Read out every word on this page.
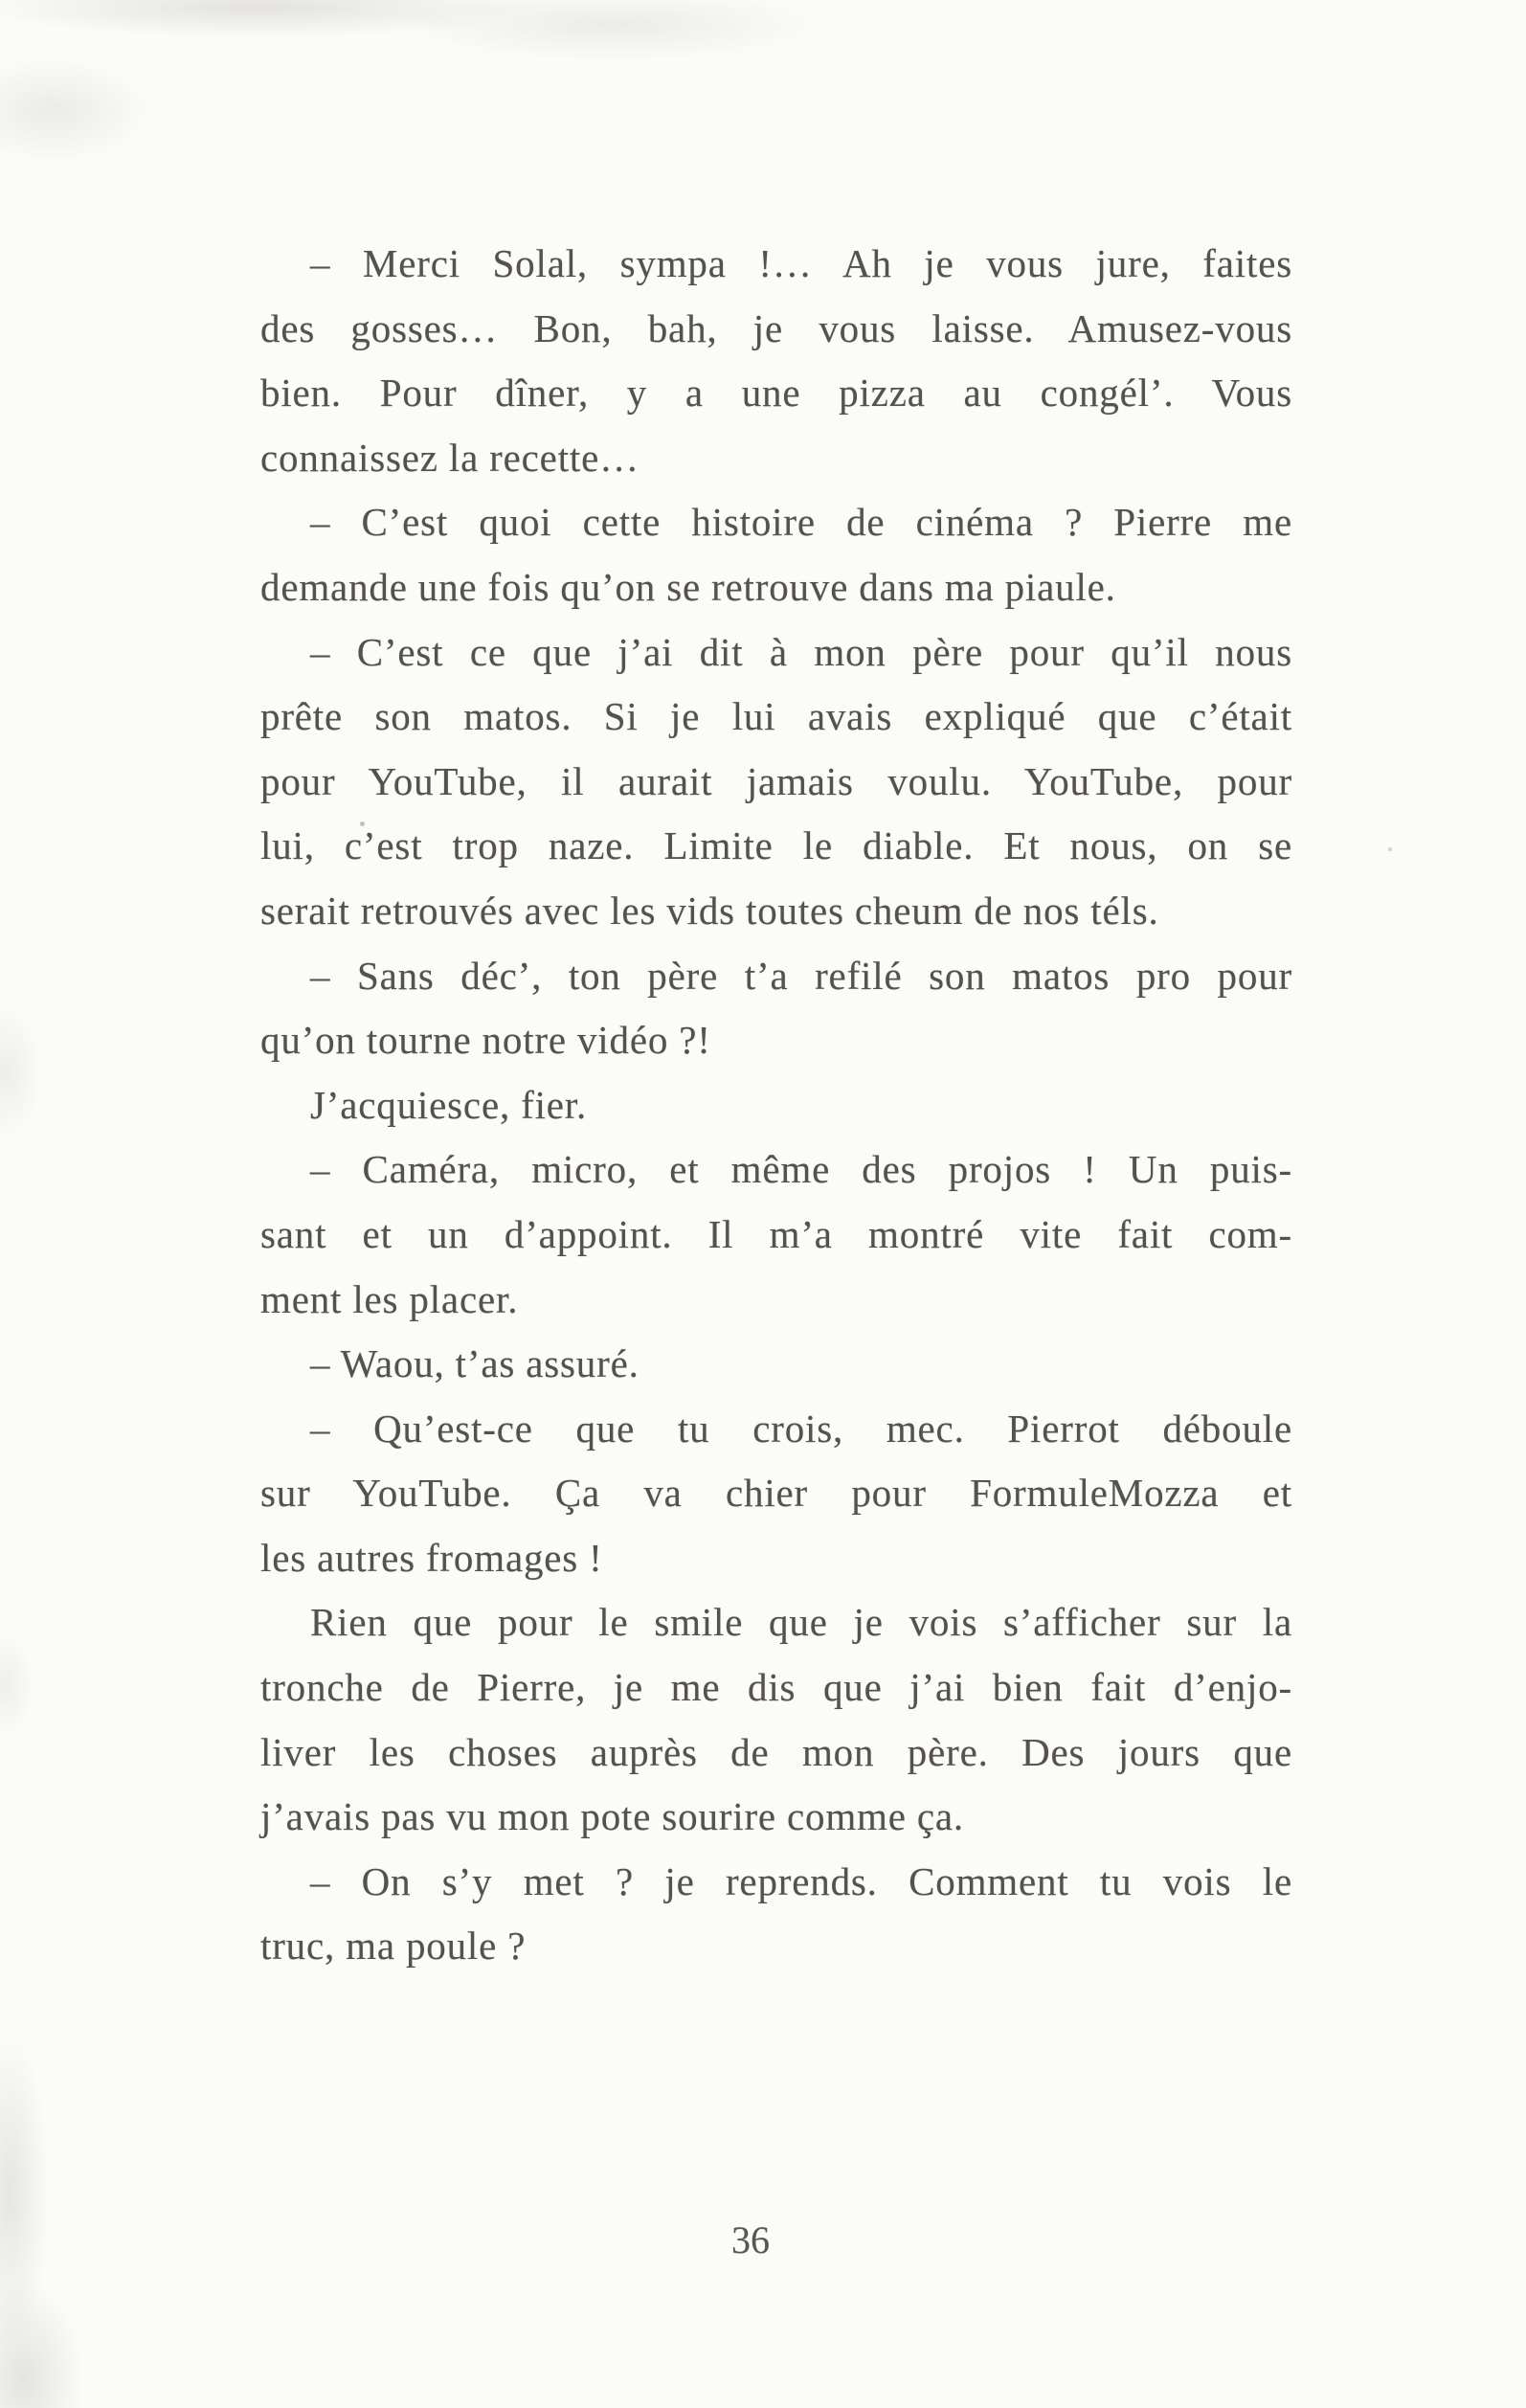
– Merci Solal, sympa !… Ah je vous jure, faites
des gosses… Bon, bah, je vous laisse. Amusez-vous
bien. Pour dîner, y a une pizza au congél’. Vous
connaissez la recette…
– C’est quoi cette histoire de cinéma ? Pierre me
demande une fois qu’on se retrouve dans ma piaule.
– C’est ce que j’ai dit à mon père pour qu’il nous
prête son matos. Si je lui avais expliqué que c’était
pour YouTube, il aurait jamais voulu. YouTube, pour
lui, c’est trop naze. Limite le diable. Et nous, on se
serait retrouvés avec les vids toutes cheum de nos téls.
– Sans déc’, ton père t’a refilé son matos pro pour
qu’on tourne notre vidéo ?!
J’acquiesce, fier.
– Caméra, micro, et même des projos ! Un puis-
sant et un d’appoint. Il m’a montré vite fait com-
ment les placer.
– Waou, t’as assuré.
– Qu’est-ce que tu crois, mec. Pierrot déboule
sur YouTube. Ça va chier pour FormuleMozza et
les autres fromages !
Rien que pour le smile que je vois s’afficher sur la
tronche de Pierre, je me dis que j’ai bien fait d’enjo-
liver les choses auprès de mon père. Des jours que
j’avais pas vu mon pote sourire comme ça.
– On s’y met ? je reprends. Comment tu vois le
truc, ma poule ?
36
